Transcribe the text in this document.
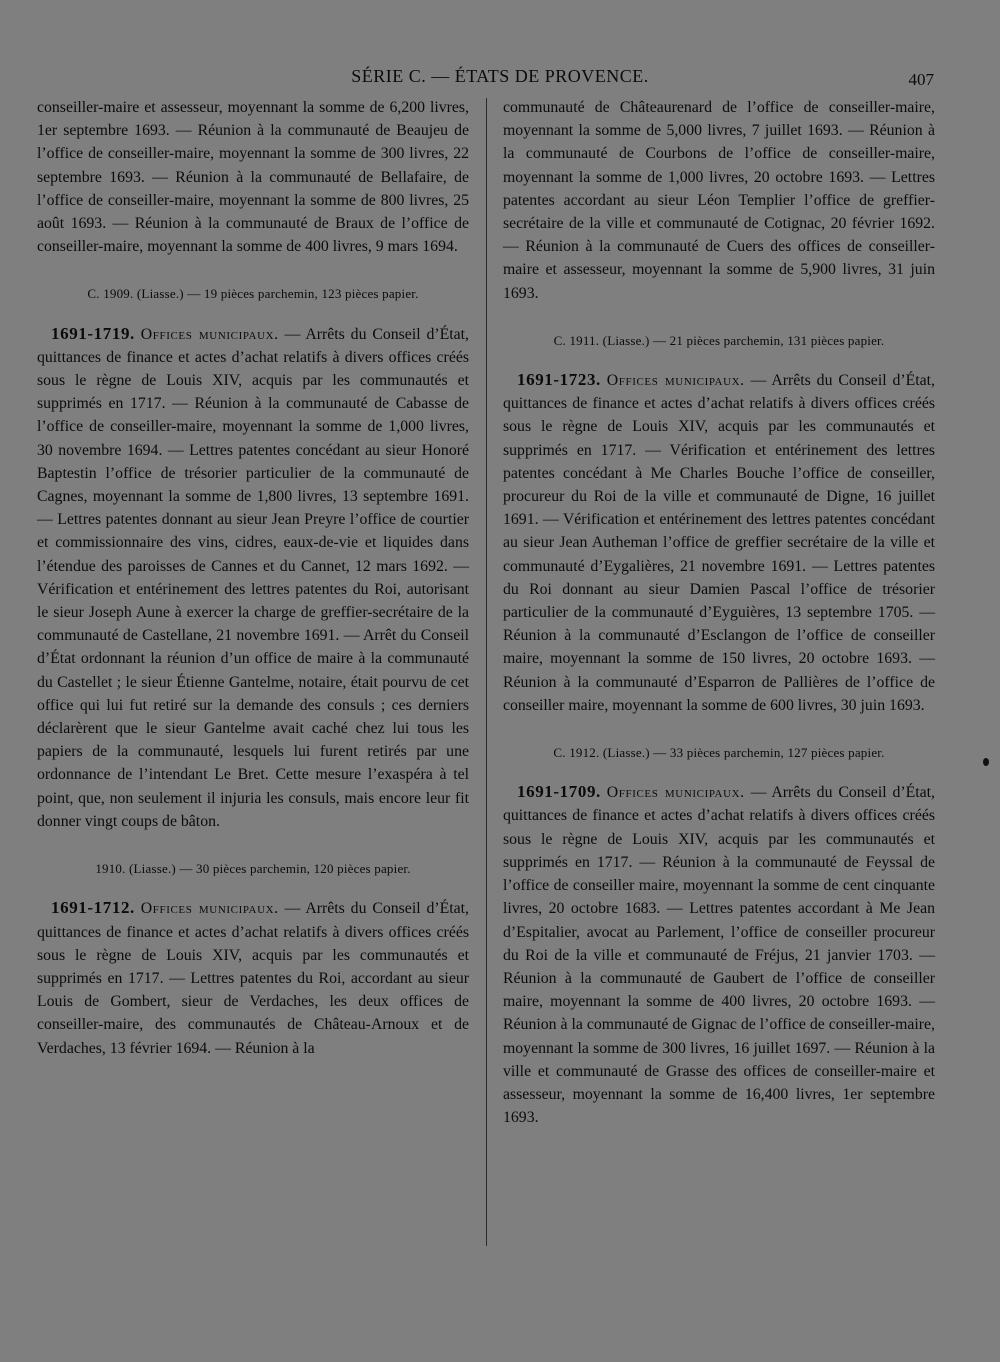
SÉRIE C. — ÉTATS DE PROVENCE.	407

conseiller-maire et assesseur, moyennant la somme de 6,200 livres, 1er septembre 1693. — Réunion à la communauté de Beaujeu de l’office de conseiller-maire, moyennant la somme de 300 livres, 22 septembre 1693. — Réunion à la communauté de Bellafaire, de l’office de conseiller-maire, moyennant la somme de 800 livres, 25 août 1693. — Réunion à la communauté de Braux de l’office de conseiller-maire, moyennant la somme de 400 livres, 9 mars 1694.

C. 1909. (Liasse.) — 19 pièces parchemin, 123 pièces papier.

1691-1719. Offices municipaux. — Arrêts du Conseil d’État, quittances de finance et actes d’achat relatifs à divers offices créés sous le règne de Louis XIV, acquis par les communautés et supprimés en 1717. — Réunion à la communauté de Cabasse de l’office de conseiller-maire, moyennant la somme de 1,000 livres, 30 novembre 1694. — Lettres patentes concédant au sieur Honoré Baptestin l’office de trésorier particulier de la communauté de Cagnes, moyennant la somme de 1,800 livres, 13 septembre 1691. — Lettres patentes donnant au sieur Jean Preyre l’office de courtier et commissionnaire des vins, cidres, eaux-de-vie et liquides dans l’étendue des paroisses de Cannes et du Cannet, 12 mars 1692. — Vérification et entérinement des lettres patentes du Roi, autorisant le sieur Joseph Aune à exercer la charge de greffier-secrétaire de la communauté de Castellane, 21 novembre 1691. — Arrêt du Conseil d’État ordonnant la réunion d’un office de maire à la communauté du Castellet ; le sieur Étienne Gantelme, notaire, était pourvu de cet office qui lui fut retiré sur la demande des consuls ; ces derniers déclarèrent que le sieur Gantelme avait caché chez lui tous les papiers de la communauté, lesquels lui furent retirés par une ordonnance de l’intendant Le Bret. Cette mesure l’exaspéra à tel point, que, non seulement il injuria les consuls, mais encore leur fit donner vingt coups de bâton.

1910. (Liasse.) — 30 pièces parchemin, 120 pièces papier.

1691-1712. Offices municipaux. — Arrêts du Conseil d’État, quittances de finance et actes d’achat relatifs à divers offices créés sous le règne de Louis XIV, acquis par les communautés et supprimés en 1717. — Lettres patentes du Roi, accordant au sieur Louis de Gombert, sieur de Verdaches, les deux offices de conseiller-maire, des communautés de Château-Arnoux et de Verdaches, 13 février 1694. — Réunion à la

communauté de Châteaurenard de l’office de conseiller-maire, moyennant la somme de 5,000 livres, 7 juillet 1693. — Réunion à la communauté de Courbons de l’office de conseiller-maire, moyennant la somme de 1,000 livres, 20 octobre 1693. — Lettres patentes accordant au sieur Léon Templier l’office de greffier-secrétaire de la ville et communauté de Cotignac, 20 février 1692. — Réunion à la communauté de Cuers des offices de conseiller-maire et assesseur, moyennant la somme de 5,900 livres, 31 juin 1693.

C. 1911. (Liasse.) — 21 pièces parchemin, 131 pièces papier.

1691-1723. Offices municipaux. — Arrêts du Conseil d’État, quittances de finance et actes d’achat relatifs à divers offices créés sous le règne de Louis XIV, acquis par les communautés et supprimés en 1717. — Vérification et entérinement des lettres patentes concédant à Me Charles Bouche l’office de conseiller, procureur du Roi de la ville et communauté de Digne, 16 juillet 1691. — Vérification et entérinement des lettres patentes concédant au sieur Jean Autheman l’office de greffier secrétaire de la ville et communauté d’Eygalières, 21 novembre 1691. — Lettres patentes du Roi donnant au sieur Damien Pascal l’office de trésorier particulier de la communauté d’Eyguières, 13 septembre 1705. — Réunion à la communauté d’Esclangon de l’office de conseiller maire, moyennant la somme de 150 livres, 20 octobre 1693. — Réunion à la communauté d’Esparron de Pallières de l’office de conseiller maire, moyennant la somme de 600 livres, 30 juin 1693.

C. 1912. (Liasse.) — 33 pièces parchemin, 127 pièces papier.

1691-1709. Offices municipaux. — Arrêts du Conseil d’État, quittances de finance et actes d’achat relatifs à divers offices créés sous le règne de Louis XIV, acquis par les communautés et supprimés en 1717. — Réunion à la communauté de Feyssal de l’office de conseiller maire, moyennant la somme de cent cinquante livres, 20 octobre 1683. — Lettres patentes accordant à Me Jean d’Espitalier, avocat au Parlement, l’office de conseiller procureur du Roi de la ville et communauté de Fréjus, 21 janvier 1703. — Réunion à la communauté de Gaubert de l’office de conseiller maire, moyennant la somme de 400 livres, 20 octobre 1693. — Réunion à la communauté de Gignac de l’office de conseiller-maire, moyennant la somme de 300 livres, 16 juillet 1697. — Réunion à la ville et communauté de Grasse des offices de conseiller-maire et assesseur, moyennant la somme de 16,400 livres, 1er septembre 1693.
